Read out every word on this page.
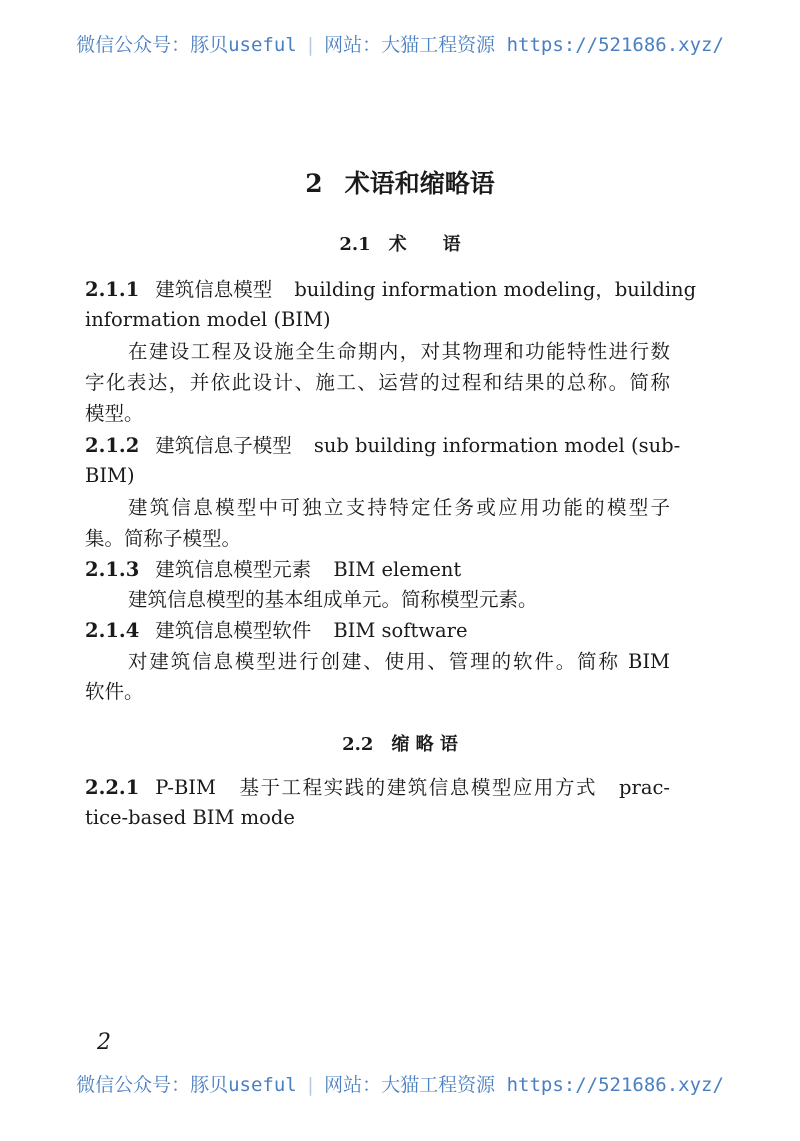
微信公众号：豚贝useful | 网站：大猫工程资源 https://521686.xyz/
2 术语和缩略语
2.1　术　　语
2.1.1 建筑信息模型 building information modeling，building
information model (BIM)
在建设工程及设施全生命期内，对其物理和功能特性进行数
字化表达，并依此设计、施工、运营的过程和结果的总称。简称
模型。
2.1.2 建筑信息子模型 sub building information model (sub-
BIM)
建筑信息模型中可独立支持特定任务或应用功能的模型子
集。简称子模型。
2.1.3 建筑信息模型元素 BIM element
建筑信息模型的基本组成单元。简称模型元素。
2.1.4 建筑信息模型软件 BIM software
对建筑信息模型进行创建、使用、管理的软件。简称 BIM
软件。
2.2　缩 略 语
2.2.1 P-BIM 基于工程实践的建筑信息模型应用方式 prac-
tice-based BIM mode
2
微信公众号：豚贝useful | 网站：大猫工程资源 https://521686.xyz/
